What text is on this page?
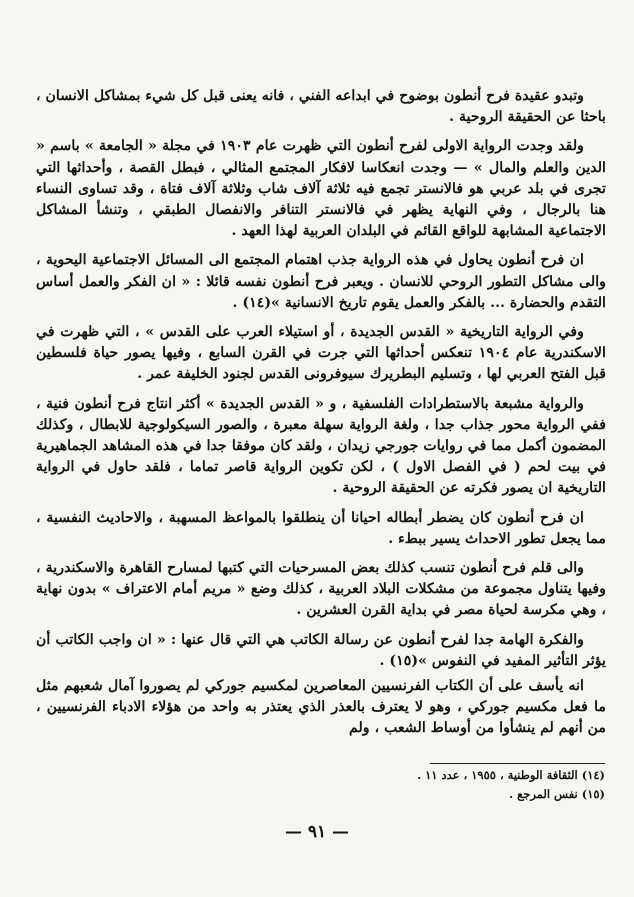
وتبدو عقيدة فرح أنطون بوضوح في ابداعه الفني ، فانه يعنى قبل كل شيء بمشاكل الانسان ، باحثا عن الحقيقة الروحية .

ولقد وجدت الرواية الاولى لفرح أنطون التي ظهرت عام ١٩٠٣ في مجلة « الجامعة » باسم « الدين والعلم والمال » — وجدت انعكاسا لافكار المجتمع المثالي ، فبطل القصة ، وأحداثها التي تجرى في بلد عربي هو فالانستر تجمع فيه ثلاثة آلاف شاب وثلاثة آلاف فتاة ، وقد تساوى النساء هنا بالرجال ، وفي النهاية يظهر في فالانستر التنافر والانفصال الطبقي ، وتنشأ المشاكل الاجتماعية المشابهة للواقع القائم في البلدان العربية لهذا العهد .

ان فرح أنطون يحاول في هذه الرواية جذب اهتمام المجتمع الى المسائل الاجتماعية اليحوية ، والى مشاكل التطور الروحي للانسان . ويعبر فرح أنطون نفسه قائلا : « ان الفكر والعمل أساس التقدم والحضارة ... بالفكر والعمل يقوم تاريخ الانسانية »(١٤) .

وفي الرواية التاريخية « القدس الجديدة ، أو استيلاء العرب على القدس » ، التي ظهرت في الاسكندرية عام ١٩٠٤ تنعكس أحداثها التي جرت في القرن السابع ، وفيها يصور حياة فلسطين قبل الفتح العربي لها ، وتسليم البطريرك سيوفرونى القدس لجنود الخليفة عمر .

والرواية مشبعة بالاستطرادات الفلسفية ، و « القدس الجديدة » أكثر انتاج فرح أنطون فنية ، ففي الرواية محور جذاب جدا ، ولغة الرواية سهلة معبرة ، والصور السيكولوجية للابطال ، وكذلك المضمون أكمل مما في روايات جورجي زيدان ، ولقد كان موفقا جدا في هذه المشاهد الجماهيرية في بيت لحم ( في الفصل الاول ) ، لكن تكوين الرواية قاصر تماما ، فلقد حاول في الرواية التاريخية ان يصور فكرته عن الحقيقة الروحية .

ان فرح أنطون كان يضطر أبطاله احيانا أن ينطلقوا بالمواعظ المسهبة ، والاحاديث النفسية ، مما يجعل تطور الاحداث يسير ببطء .

والى قلم فرح أنطون تنسب كذلك بعض المسرحيات التي كتبها لمسارح القاهرة والاسكندرية ، وفيها يتناول مجموعة من مشكلات البلاد العربية ، كذلك وضع « مريم أمام الاعتراف » بدون نهاية ، وهي مكرسة لحياة مصر في بداية القرن العشرين .

والفكرة الهامة جدا لفرح أنطون عن رسالة الكاتب هي التي قال عنها : « ان واجب الكاتب أن يؤثر التأثير المفيد في النفوس »(١٥) .

انه يأسف على أن الكتاب الفرنسيين المعاصرين لمكسيم جوركي لم يصوروا آمال شعبهم مثل ما فعل مكسيم جوركي ، وهو لا يعترف بالعذر الذي يعتذر به واحد من هؤلاء الادباء الفرنسيين ، من أنهم لم ينشأوا من أوساط الشعب ، ولم

(١٤) الثقافة الوطنية ، ١٩٥٥ ، عدد ١١ .
(١٥) نفس المرجع .
— ٩١ —
